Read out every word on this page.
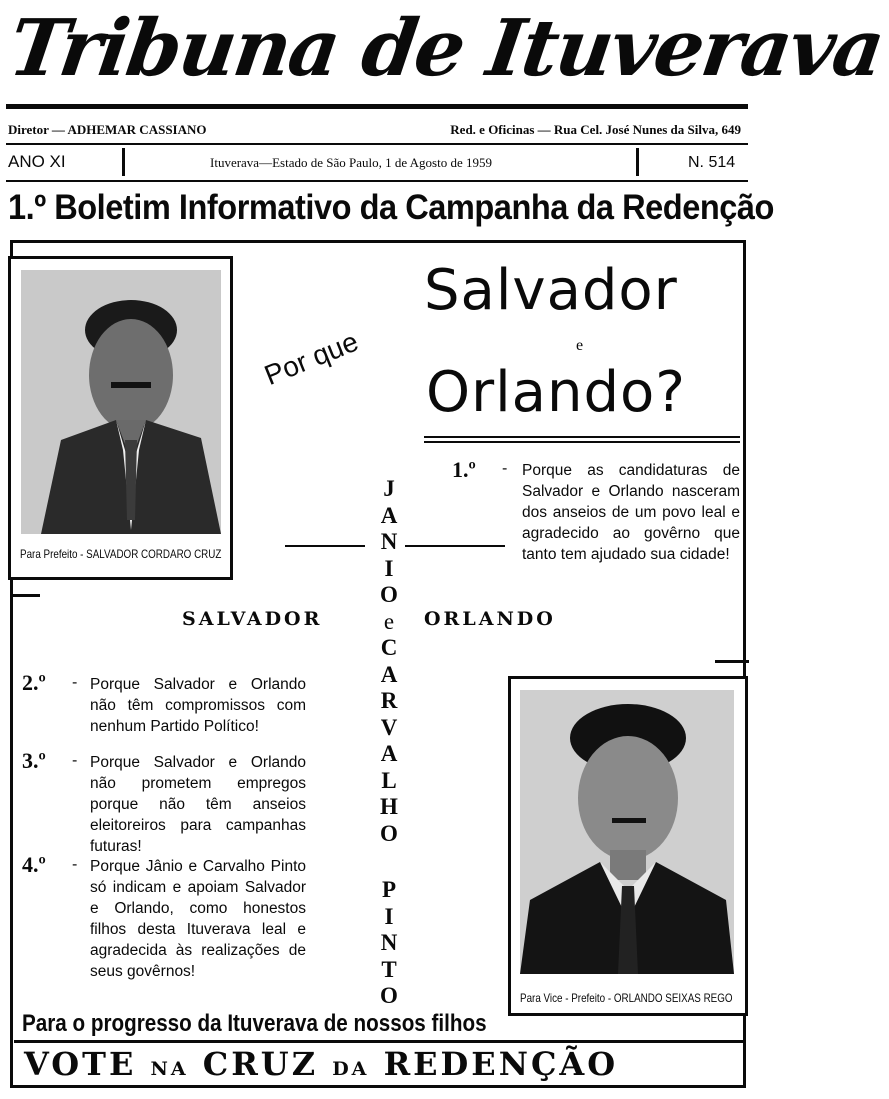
Tribuna de Ituverava
Diretor — ADHEMAR CASSIANO	Red. e Oficinas — Rua Cel. José Nunes da Silva, 649
ANO XI	Ituverava—Estado de São Paulo, 1 de Agosto de 1959	N. 514
1.º Boletim Informativo da Campanha da Redenção
Para Prefeito - SALVADOR CORDARO CRUZ
Por que
Salvador
e
Orlando?
1.º - Porque as candidaturas de Salvador e Orlando nasceram dos anseios de um povo leal e agradecido ao govêrno que tanto tem ajudado sua cidade!
SALVADOR	ORLANDO
J
A
N
I
O
e
C
A
R
V
A
L
H
O
P
I
N
T
O
2.º - Porque Salvador e Orlando não têm compromissos com nenhum Partido Político!
3.º - Porque Salvador e Orlando não prometem empregos porque não têm anseios eleitoreiros para campanhas futuras!
4.º - Porque Jânio e Carvalho Pinto só indicam e apoiam Salvador e Orlando, como honestos filhos desta Ituverava leal e agradecida às realizações de seus govêrnos!
Para Vice - Prefeito - ORLANDO SEIXAS REGO
Para o progresso da Ituverava de nossos filhos
VOTE NA CRUZ DA REDENÇÃO
